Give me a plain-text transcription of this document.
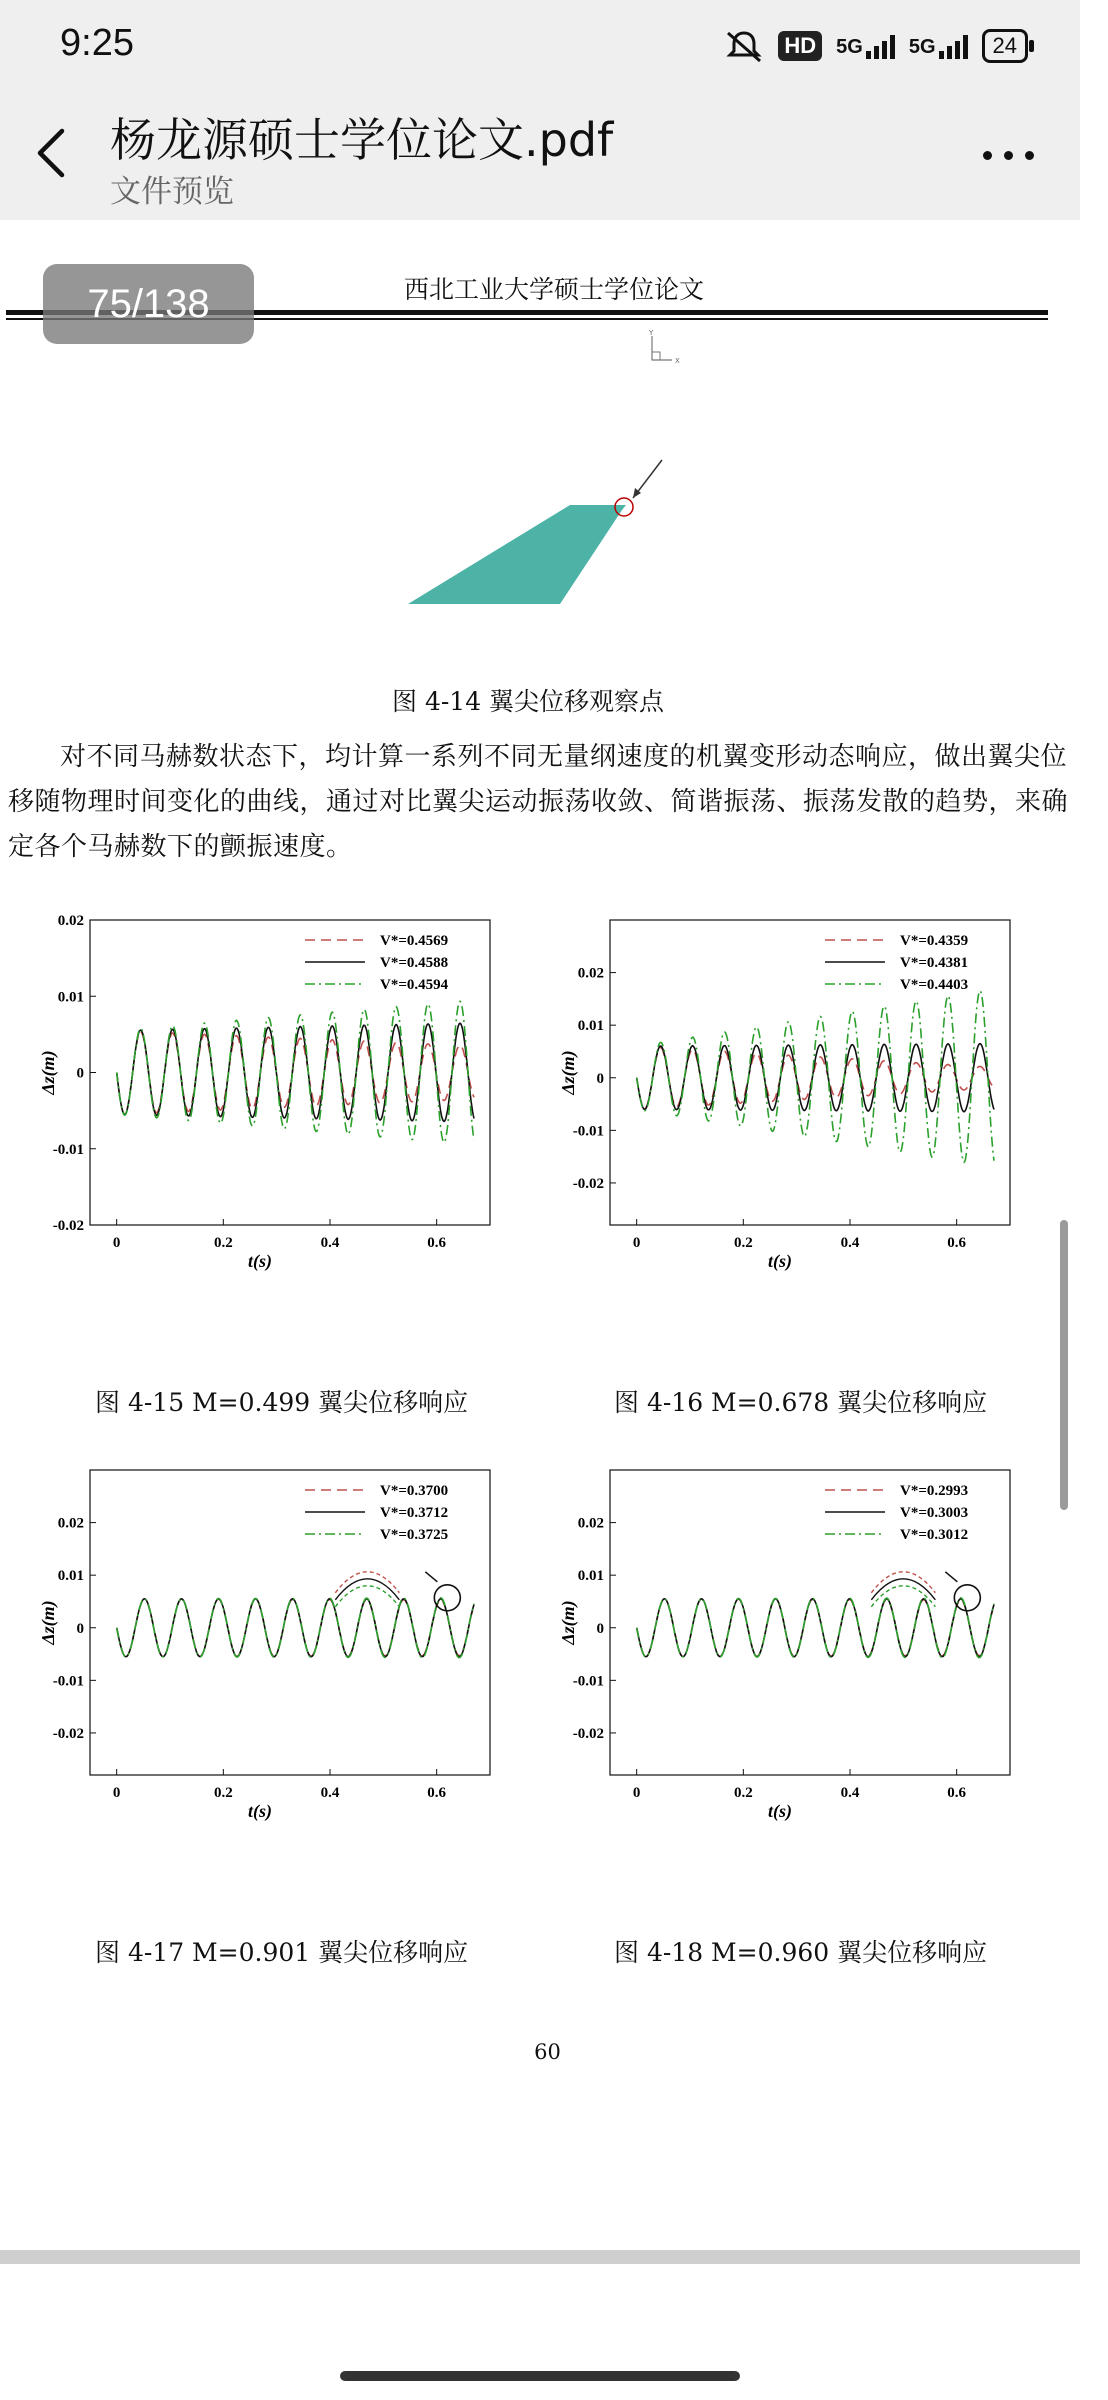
9:25	HD	5G 5G	24
杨龙源硕士学位论文.pdf
文件预览
西北工业大学硕士学位论文
75/138
Y
X
图 4-14 翼尖位移观察点
对不同马赫数状态下，均计算一系列不同无量纲速度的机翼变形动态响应，做出翼尖位移随物理时间变化的曲线，通过对比翼尖运动振荡收敛、简谐振荡、振荡发散的趋势，来确定各个马赫数下的颤振速度。
0	0.2	0.4	0.6
0.02
0.01
0
-0.01
-0.02
t(s)
Δz(m)
V*=0.4569
V*=0.4588
V*=0.4594
图 4-15 M=0.499 翼尖位移响应
0	0.2	0.4	0.6
0.02
0.01
0
-0.01
-0.02
t(s)
Δz(m)
V*=0.4359
V*=0.4381
V*=0.4403
图 4-16 M=0.678 翼尖位移响应
0	0.2	0.4	0.6
0.02
0.01
0
-0.01
-0.02
t(s)
Δz(m)
V*=0.3700
V*=0.3712
V*=0.3725
图 4-17 M=0.901 翼尖位移响应
0	0.2	0.4	0.6
0.02
0.01
0
-0.01
-0.02
t(s)
Δz(m)
V*=0.2993
V*=0.3003
V*=0.3012
图 4-18 M=0.960 翼尖位移响应
60
